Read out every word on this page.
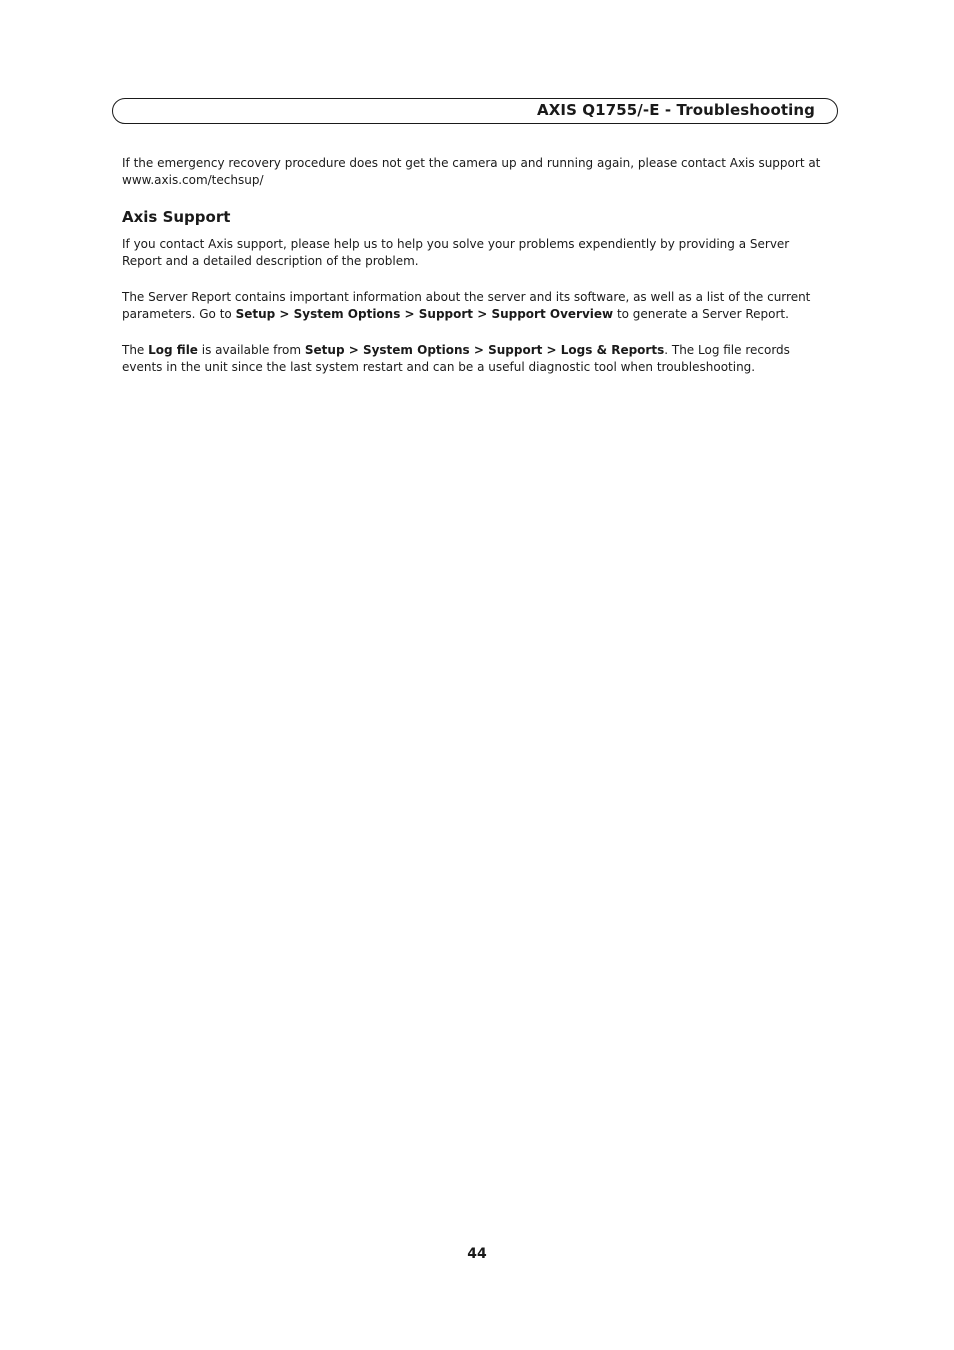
AXIS Q1755/-E - Troubleshooting

If the emergency recovery procedure does not get the camera up and running again, please contact Axis support at www.axis.com/techsup/

Axis Support

If you contact Axis support, please help us to help you solve your problems expendiently by providing a Server Report and a detailed description of the problem.

The Server Report contains important information about the server and its software, as well as a list of the current parameters. Go to Setup > System Options > Support > Support Overview to generate a Server Report.

The Log file is available from Setup > System Options > Support > Logs & Reports. The Log file records events in the unit since the last system restart and can be a useful diagnostic tool when troubleshooting.

44
